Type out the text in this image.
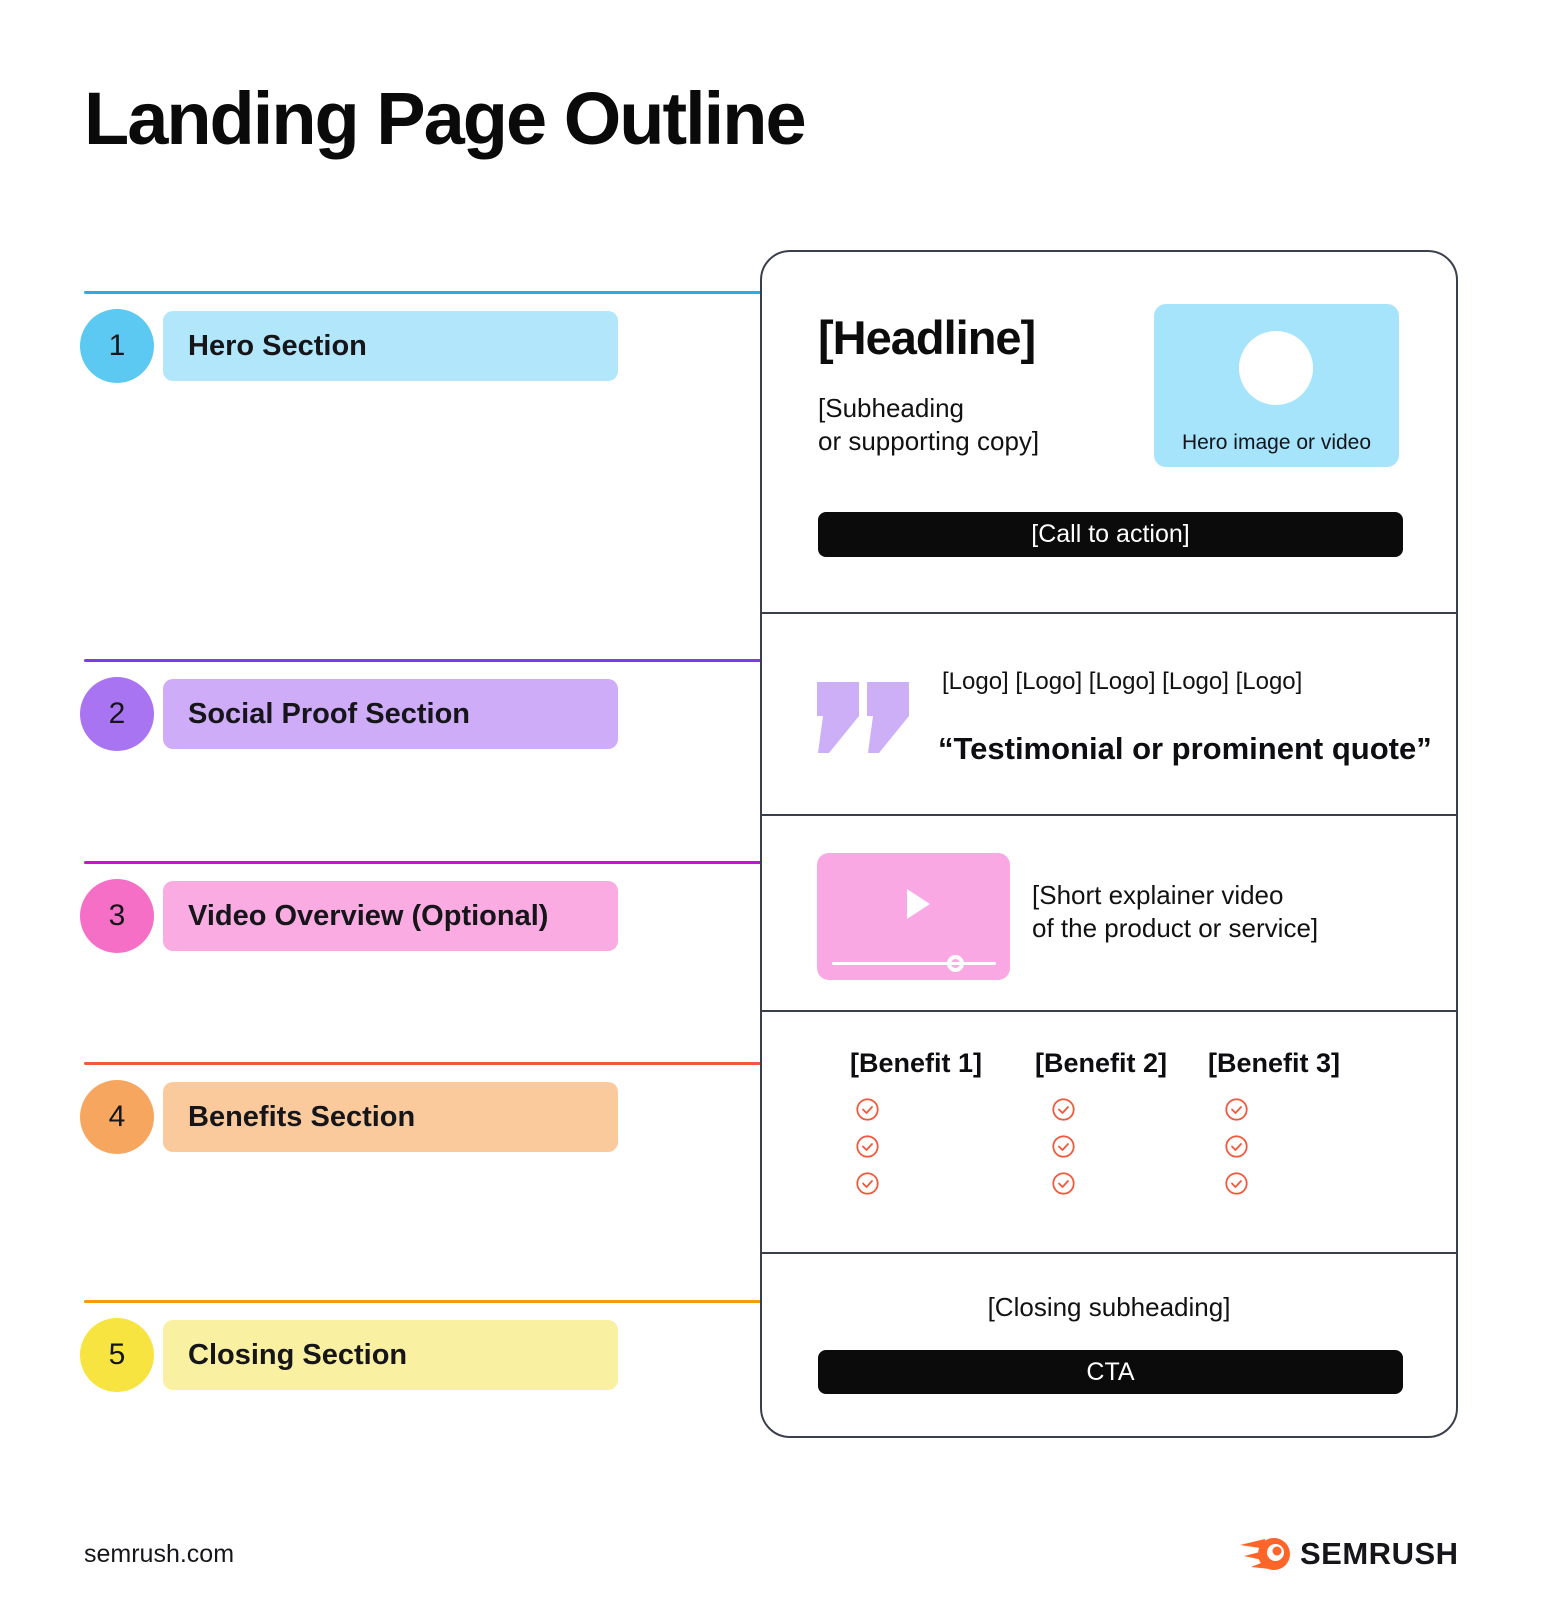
Landing Page Outline
1	Hero Section
2	Social Proof Section
3	Video Overview (Optional)
4	Benefits Section
5	Closing Section
[Headline]
[Subheading
or supporting copy]	Hero image or video
[Call to action]
[Logo] [Logo] [Logo] [Logo] [Logo]
“Testimonial or prominent quote”
[Short explainer video
of the product or service]
[Benefit 1] [Benefit 2] [Benefit 3]
[Closing subheading]
CTA
semrush.com	SEMRUSH
